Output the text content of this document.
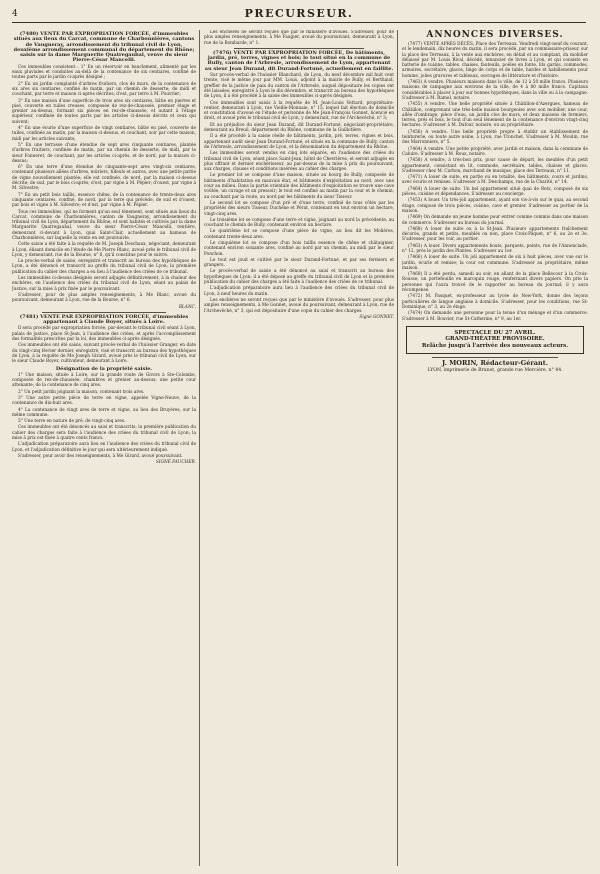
4	PRECURSEUR.

(7480) VENTE PAR EXPROPRIATION FORCÉE, d'immeubles situés aux lieux du Carcat, commune de Charbonnières, cantons de Vaugneray, arrondissement du tribunal civil de Lyon, deuxième arrondissement communal du département du Rhône; saisis sur la dame Marguerite Quatregaubal, veuve du sieur Pierre-César Mancelli.

Ces immeubles consistent : 1° En un réservoir en bauclement, alimenté par les eaux pluviales et conduites au-delà de la contenance de six centiares, confiné de toutes parts par le jardin ci-après désigné ;

2° En un jardin complanté d'arbres fruitiers, clos de murs, de la contenance de six ares six centiares, confiné de matin, par un chemin de desserte; de midi et couchant, par terre et maison ci-après décrites; d'est, par terre à M. Pouvrier;

3° En une maison d'une superficie de trois ares six centiares, bâtie en pierres et pisé, couverte en tuiles creuses, composée de rez-de-chaussée, premier étage et grenier au-dessus, formant six pièces en rez-de-chaussée, et autant à l'étage supérieur, confinée de toutes parts par les articles ci-dessus décrits et ceux qui suivent;

4° En une écurie d'une superficie de vingt centiares, bâtie en pisé, couverte de tuiles, confinée au matin, par la maison ci-dessus, et couchant, soir par cette maison, midi par les articles suivants;

5° En une terrasse d'une étendue de sept ares cinquante centiares, plantée d'arbres fruitiers, confinée de matin, par un chemin de desserte; de midi, par le sieur Fonneret, de couchant, par les articles ci-après, et de nord, par la maison ci-dessus;

6° En une terre d'une étendue de cinquante-sept ares vingt-six centiares, contenant plusieurs allées d'arbres, mûriers, tilleuls et autres, avec une petite partie de vigne nouvellement plantée; elle est confinée, de nord, par la maison ci-dessus décrite; de sud, par le bois ci-après; d'est, par vigne à M. Pépier; d'ouest, par vigne à M. Silvestre;

7° En un petit bois taillis, essence chêne, de la contenance de trente-deux ares cinquante centiares, confiné, de nord, par la terre qui précède, de sud et d'ouest, par bois et vigne à M. Silvestre; et d'est, par vigne à M. Pépier.

Tous ces immeubles, qui ne forment qu'un seul tènement, sont situés aux lieux du Carcat, commune de Charbonnières, canton de Vaugneray, arrondissement du tribunal civil de Lyon, département du Rhône, et sont habités et cultivés par la dame Marguerite Quatregaubal, veuve du sieur Pierre-César Mancelli, rentière, demeurant ci-devant à Lyon, quai Saint-Clair, actuellement au hameau de Charbonnières, sur laquelle la vente en est poursuivie.

Cette saisie a été faite à la requête de M. Joseph Deschaux, négociant, demeurant à Lyon, élisant domicile en l'étude de Me Pierre Blanc, avoué près le tribunal civil de Lyon, y demeurant, rue de la Bourse, n° 6, qu'il constitue pour le suivre.

Le procès-verbal de saisie, enregistré et transcrit au bureau des hypothèques de Lyon, a été dénoncé et transcrit au greffe du tribunal civil de Lyon; la première publication du cahier des charges a eu lieu à l'audience des criées de ce tribunal.

Les immeubles ci-dessus désignés seront adjugés définitivement, à la chaleur des enchères, en l'audience des criées du tribunal civil de Lyon, séant au palais de Justice, sur la mise à prix fixée par le poursuivant.

S'adresser, pour de plus amples renseignements, à Me Blanc, avoué du poursuivant, demeurant à Lyon, rue de la Bourse, n° 6.

BLANC.

(7481) VENTE PAR EXPROPRIATION FORCÉE, d'immeubles appartenant à Claude Boyer, situés à Loire.

Il sera procédé par expropriation forcée, par-devant le tribunal civil séant à Lyon, palais de justice, place St-Jean, à l'audience des criées, et après l'accomplissement des formalités prescrites par la loi, des immeubles ci-après désignés.

Ces immeubles ont été saisis, suivant procès-verbal de l'huissier Granger, en date du vingt-cinq février dernier, enregistré, visé et transcrit au bureau des hypothèques de Lyon, à la requête de Me Joseph Girard, avoué près le tribunal civil de Lyon, sur le sieur Claude Boyer, cultivateur, demeurant à Loire.

Désignation de la propriété saisie.

1° Une maison, située à Loire, sur la grande route de Givors à Ste-Colombe, composée de rez-de-chaussée, chambres et grenier au-dessus; une petite cour attenante; de la contenance de cinq ares.

2° Un petit jardin joignant la maison, contenant trois ares.

3° Une autre petite pièce de terre en vigne, appelée Vigne-Neuve, de la contenance de dix-huit ares.

4° La contenance de vingt ares de terre et vigne, au lieu des Bruyères, sur la même commune.

5° Une terre en nature de pré, de vingt-cinq ares.

Ces immeubles ont été dénoncés au saisi et transcrits; la première publication du cahier des charges sera faite à l'audience des criées du tribunal civil de Lyon; la mise à prix est fixée à quatre cents francs.

L'adjudication préparatoire aura lieu en l'audience des criées du tribunal civil de Lyon, et l'adjudication définitive le jour qui sera ultérieurement indiqué.

S'adresser, pour avoir des renseignements, à Me Girard, avoué poursuivant.

SIGNÉ FAUCHER.

Les enchères ne seront reçues que par le ministère d'avoués. S'adresser, pour de plus amples renseignements, à Me Faugier, avoué du poursuivant, demeurant à Lyon, rue de la Bombarde, n° 1.

(7476) VENTE PAR EXPROPRIATION FORCÉE, De bâtiments, jardin, pré, terres, vignes et bois; le tout situé en la commune de Bully, canton de l'Arbresle, arrondissement de Lyon, appartenant au sieur Jean Durand, dit Durand-Fortuné, actuellement en faillite.

Sur procès-verbal de l'huissier Blanchard, de Lyon, du neuf décembre mil huit cent trente, visé le même jour par MM. Louis, adjoint à la mairie de Bully, et Berthaud, greffier de la justice de paix du canton de l'Arbresle, auquel dépositaire les copies ont été laissées; enregistré à Lyon le dix décembre, et transcrit au bureau des hypothèques de Lyon, il a été procédé à la saisie des immeubles ci-après désignés.

Ces immeubles sont saisis à la requête de M. Jean-Louis Vettard, propriétaire-rentier, demeurant à Lyon, rue Vieille-Monnaie, n° 15, lequel fait élection de domicile et constitution d'avoué en l'étude et personne de Me Jean-François Gonnet, licencié en droit, et avoué près le tribunal civil de Lyon, y demeurant, rue de l'Archevêché, n° 3;

Et au préjudice du sieur Jean Durand, dit Durand-Fortuné, négociant-propriétaire, demeurant au Breuil, département du Rhône, commune de la Guillotière.

Il a été procédé à la saisie réelle de bâtiments, jardin, pré, terres, vignes et bois, appartenant audit sieur Jean Durand-Fortuné, et situés en la commune de Bully, canton de l'Arbresle, arrondissement de Lyon, et la dénomination du département du Rhône.

Les immeubles seront vendus en cinq lots séparés, en l'audience des criées du tribunal civil de Lyon, séant place Saint-Jean, hôtel de Chevrières, et seront adjugés en plus offrant et dernier enchérisseur, au par-dessus de la mise à prix du poursuivant, aux charges, clauses et conditions insérées au cahier des charges.

Le premier lot se compose d'une maison, située au bourg de Bully, composée de bâtiments d'habitation en mauvais état, et bâtiments d'exploitation au nord, avec une cour au milieu. Dans la partie orientale des bâtiments d'exploitation se trouve une cave voûtée, un cuvage et un pressoir; le tout est confiné au matin par la cour et le chemin, au couchant par la route, au nord par les bâtiments du sieur Tisseur.

Le second lot se compose d'un pré et d'une terre, confiné de tous côtés par les propriétés des sieurs Tisseur, Duchêne et Pérat, contenant en tout environ un hectare, vingt-cinq ares.

Le troisième lot se compose d'une terre et vigne, joignant au nord la précédente, au couchant le chemin de Bully, contenant environ un hectare.

Le quatrième lot se compose d'une pièce de vigne, au lieu dit les Molières, contenant trente-deux ares.

Le cinquième lot se compose d'un bois taillis essence de chêne et châtaignier, contenant environ soixante ares, confiné au nord par un chemin, au midi par le sieur Ponchon.

Le tout est jouit et cultivé par le sieur Durand-Fortuné, et par ses fermiers et grangers.

Le procès-verbal de saisie a été dénoncé au saisi et transcrit au bureau des hypothèques de Lyon; il a été déposé au greffe du tribunal civil de Lyon et la première publication du cahier des charges a été faite à l'audience des criées de ce tribunal.

L'adjudication préparatoire aura lieu à l'audience des criées du tribunal civil de Lyon, à neuf heures du matin.

Les enchères ne seront reçues que par le ministère d'avoués. S'adresser, pour plus amples renseignements, à Me Gonnet, avoué du poursuivant, demeurant à Lyon, rue de l'Archevêché, n° 3, qui est dépositaire d'une copie du cahier des charges.

Signé GONNET.

ANNONCES DIVERSES.

(7477) VENTE APRÈS DÉCÈS, Place des Terreaux. Vendredi vingt-neuf du courant, et le lendemain, dix heures du matin, il sera procédé, par un commissaire-priseur, sur la place des Terreaux, à la vente aux enchères, en détail et au comptant, du mobilier délaissé par M. Louis Rival, décédé, tenancier de livres à Lyon, et qui consiste en batterie de cuisine, tables, chaises, fauteuils, poêles en fonte, lits garnis, commodes, armoires, secrétaire, glaces, linge de corps et de table, hardes et habillements pour homme, jolies gravures et tableaux, ouvrages de littérature et d'histoire.

(7463) A vendre. Plusieurs maisons dans la ville, de 12 à 50 mille francs. Plusieurs maisons de campagne aux environs de la ville, de 4 à 80 mille francs. Capitaux considérables à placer à jour sur bonnes hypothèques, dans la ville ou à la campagne. S'adresser à M. Ramel, notaire.

(7455) A vendre. Une belle propriété située à Châtillon-d'Azergues, hameau de Châtillon, comprenant une très-belle maison bourgeoise avec son mobilier, une cour, allée d'ombrage, pièce d'eau, un jardin clos de murs, et deux maisons de fermiers, terres, prés et bois, le tout d'un seul tènement de la contenance d'environ vingt-cinq hectares. S'adresser à M. Dufour, notaire, ou au propriétaire.

(7456) A vendre. Une belle propriété propre à établir un établissement de teinturerie, ou toute autre usine, à Lyon, rue Tronchet. S'adresser à M. Moulin, rue des Marronniers, n° 5.

(7464) A vendre. Une petite propriété, avec jardin et maison, dans la commune de Caluire. S'adresser à M. Roux, notaire.

(7458) A vendre, à très-bon prix, pour cause de départ, les meubles d'un petit appartement, consistant en lit, commode, secrétaire, tables, chaises et glaces. S'adresser chez M. Carbon, marchand de musique, place des Terreaux, n° 11.

(7471) A louer de suite, en partie ou en totalité, des bâtiments, cours et jardins, avec écurie et remises. S'adresser à M. Deschamps, rue de la Charité, n° 14.

(7464) A louer de suite. Un bel appartement situé quai de Retz, composé de six pièces, cuisine et dépendances. S'adresser au concierge.

(7453) A louer. Un très-joli appartement, ayant son vis-à-vis sur le quai, au second étage, composé de trois pièces, cuisine, cave et grenier. S'adresser au portier de la maison.

(7469) On demande un jeune homme pour entrer comme commis dans une maison de commerce. S'adresser au bureau du journal.

(7468) A louer de suite ou à la St-Jean. Plusieurs appartements fraîchement décorés, grands et petits, meublés ou non, place Croix-Pâquet, n° 6, au 2e et 3e. S'adresser, pour les voir, au portier.

(7463) A louer. Divers appartements bouts, parquets, peints, rue de l'Annonciade, n° 12, près le jardin des Plantes. S'adresser au 1er.

(7466) A louer de suite. Un joli appartement de six à huit pièces, avec vue sur le jardin, écurie et remise; la cour est commune. S'adresser au propriétaire, même maison.

(7460) Il a été perdu, samedi au soir, en allant de la place Bellecour à la Croix-Rousse, un portefeuille en maroquin rouge, renfermant divers papiers. On prie la personne qui l'aura trouvé de le rapporter au bureau du journal; il y aura récompense.

(7472) M. Pasquet, ex-professeur au lycée de New-York, donne des leçons particulières de langue anglaise à domicile. S'adresser, pour les conditions, rue St-Dominique, n° 3, au 2e étage.

(7474) On demande une personne pour la tenue d'un ménage et d'un commerce. S'adresser à M. Bouvier, rue St-Catherine, n° 9, au 1er.

SPECTACLE DU 27 AVRIL.
GRAND-THÉATRE PROVISOIRE.
Relâche jusqu'à l'arrivée des nouveaux acteurs.

J. MORIN, Rédacteur-Gérant.

LYON, imprimerie de Brunet, grande rue Mercière, n° 44.
